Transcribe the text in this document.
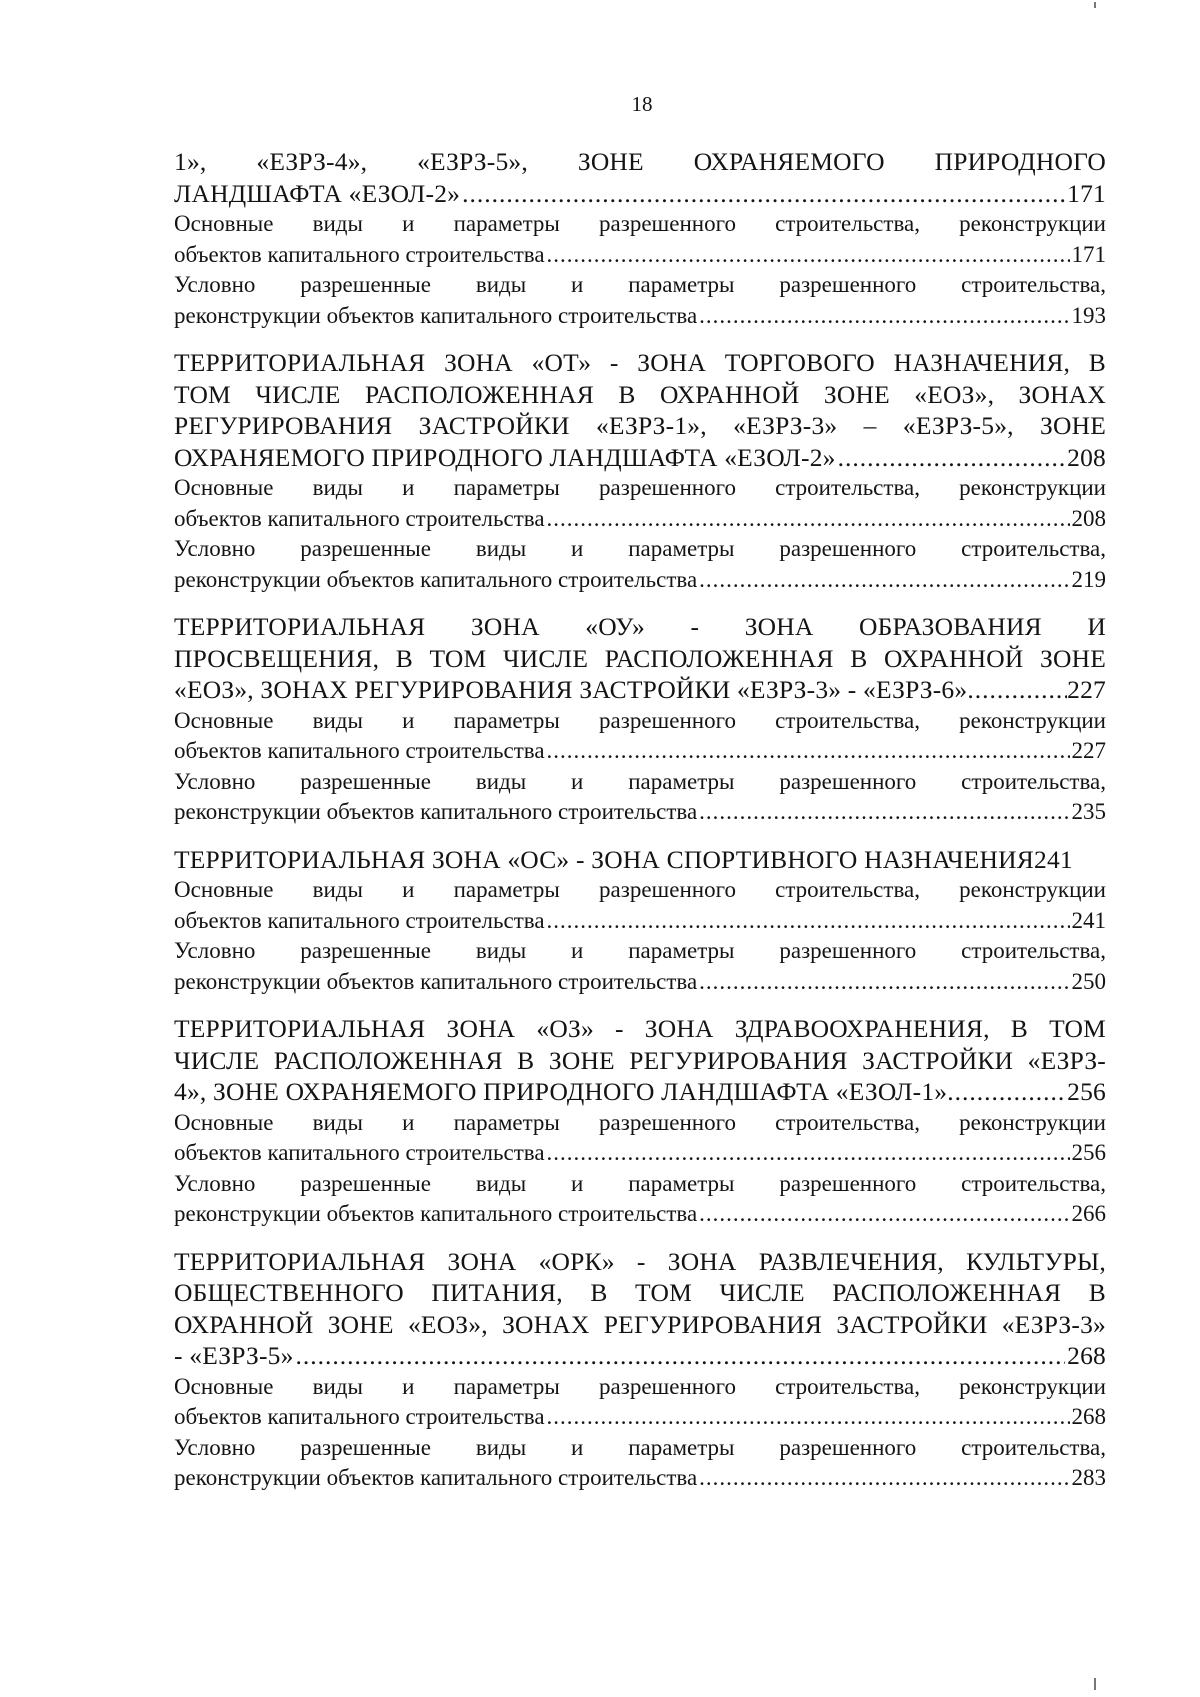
18
1», «ЕЗРЗ-4», «ЕЗРЗ-5», ЗОНЕ ОХРАНЯЕМОГО ПРИРОДНОГО
ЛАНДШАФТА «ЕЗОЛ-2» .....	171
Основные виды и параметры разрешенного строительства, реконструкции
объектов капитального строительства .....	171
Условно разрешенные виды и параметры разрешенного строительства,
реконструкции объектов капитального строительства .....	193
ТЕРРИТОРИАЛЬНАЯ ЗОНА «ОТ» - ЗОНА ТОРГОВОГО НАЗНАЧЕНИЯ, В
ТОМ ЧИСЛЕ РАСПОЛОЖЕННАЯ В ОХРАННОЙ ЗОНЕ «ЕОЗ», ЗОНАХ
РЕГУРИРОВАНИЯ ЗАСТРОЙКИ «ЕЗРЗ-1», «ЕЗРЗ-3» – «ЕЗРЗ-5», ЗОНЕ
ОХРАНЯЕМОГО ПРИРОДНОГО ЛАНДШАФТА «ЕЗОЛ-2» .....	208
Основные виды и параметры разрешенного строительства, реконструкции
объектов капитального строительства .....	208
Условно разрешенные виды и параметры разрешенного строительства,
реконструкции объектов капитального строительства .....	219
ТЕРРИТОРИАЛЬНАЯ ЗОНА «ОУ» - ЗОНА ОБРАЗОВАНИЯ И
ПРОСВЕЩЕНИЯ, В ТОМ ЧИСЛЕ РАСПОЛОЖЕННАЯ В ОХРАННОЙ ЗОНЕ
«ЕОЗ», ЗОНАХ РЕГУРИРОВАНИЯ ЗАСТРОЙКИ «ЕЗРЗ-3» - «ЕЗРЗ-6» .....	227
Основные виды и параметры разрешенного строительства, реконструкции
объектов капитального строительства .....	227
Условно разрешенные виды и параметры разрешенного строительства,
реконструкции объектов капитального строительства .....	235
ТЕРРИТОРИАЛЬНАЯ ЗОНА «ОС» - ЗОНА СПОРТИВНОГО НАЗНАЧЕНИЯ 241
Основные виды и параметры разрешенного строительства, реконструкции
объектов капитального строительства .....	241
Условно разрешенные виды и параметры разрешенного строительства,
реконструкции объектов капитального строительства .....	250
ТЕРРИТОРИАЛЬНАЯ ЗОНА «ОЗ» - ЗОНА ЗДРАВООХРАНЕНИЯ, В ТОМ
ЧИСЛЕ РАСПОЛОЖЕННАЯ В ЗОНЕ РЕГУРИРОВАНИЯ ЗАСТРОЙКИ «ЕЗРЗ-
4», ЗОНЕ ОХРАНЯЕМОГО ПРИРОДНОГО ЛАНДШАФТА «ЕЗОЛ-1» .....	256
Основные виды и параметры разрешенного строительства, реконструкции
объектов капитального строительства .....	256
Условно разрешенные виды и параметры разрешенного строительства,
реконструкции объектов капитального строительства .....	266
ТЕРРИТОРИАЛЬНАЯ ЗОНА «ОРК» - ЗОНА РАЗВЛЕЧЕНИЯ, КУЛЬТУРЫ,
ОБЩЕСТВЕННОГО ПИТАНИЯ, В ТОМ ЧИСЛЕ РАСПОЛОЖЕННАЯ В
ОХРАННОЙ ЗОНЕ «ЕОЗ», ЗОНАХ РЕГУРИРОВАНИЯ ЗАСТРОЙКИ «ЕЗРЗ-3»
- «ЕЗРЗ-5» .....	268
Основные виды и параметры разрешенного строительства, реконструкции
объектов капитального строительства .....	268
Условно разрешенные виды и параметры разрешенного строительства,
реконструкции объектов капитального строительства .....	283
